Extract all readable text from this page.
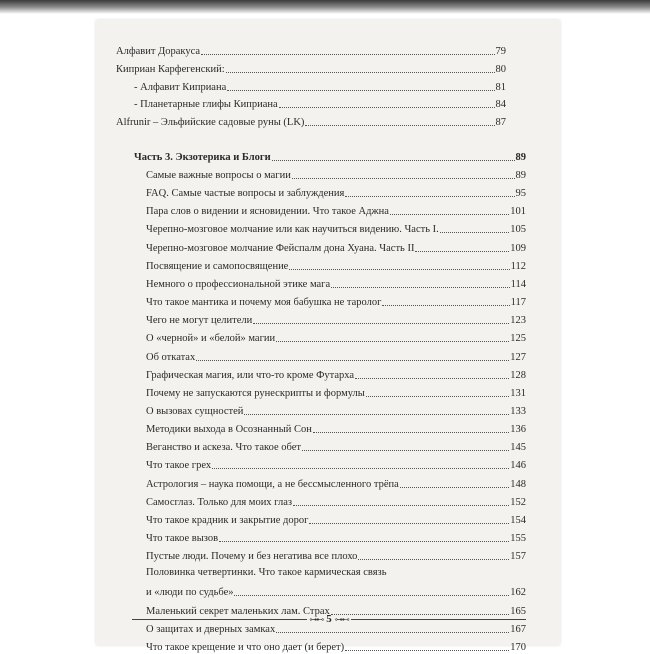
Алфавит Доракуса	79
Киприан Карфегенский:	80
- Алфавит Киприана	81
- Планетарные глифы Киприана	84
Alfrunir – Эльфийские садовые руны (LK)	87
Часть 3. Экзотерика и Блоги	89
Самые важные вопросы о магии	89
FAQ. Самые частые вопросы и заблуждения	95
Пара слов о видении и ясновидении. Что такое Аджна	101
Черепно-мозговое молчание или как научиться видению. Часть I.	105
Черепно-мозговое молчание Фейспалм дона Хуана. Часть II	109
Посвящение и самопосвящение	112
Немного о профессиональной этике мага	114
Что такое мантика и почему моя бабушка не таролог	117
Чего не могут целители	123
О «черной» и «белой» магии	125
Об откатах	127
Графическая магия, или что-то кроме Футарха	128
Почему не запускаются рунескрипты и формулы	131
О вызовах сущностей	133
Методики выхода в Осознанный Сон	136
Веганство и аскеза. Что такое обет	145
Что такое грех	146
Астрология – наука помощи, а не бессмысленного трёпа	148
Самосглаз. Только для моих глаз	152
Что такое крадник и закрытие дорог	154
Что такое вызов	155
Пустые люди. Почему и без негатива все плохо	157
Половинка четвертинки. Что такое кармическая связь
и «люди по судьбе»	162
Маленький секрет маленьких лам. Страх	165
О защитах и дверных замках	167
Что такое крещение и что оно дает (и берет)	170
⊶⊷ 5 ⊶⊷
